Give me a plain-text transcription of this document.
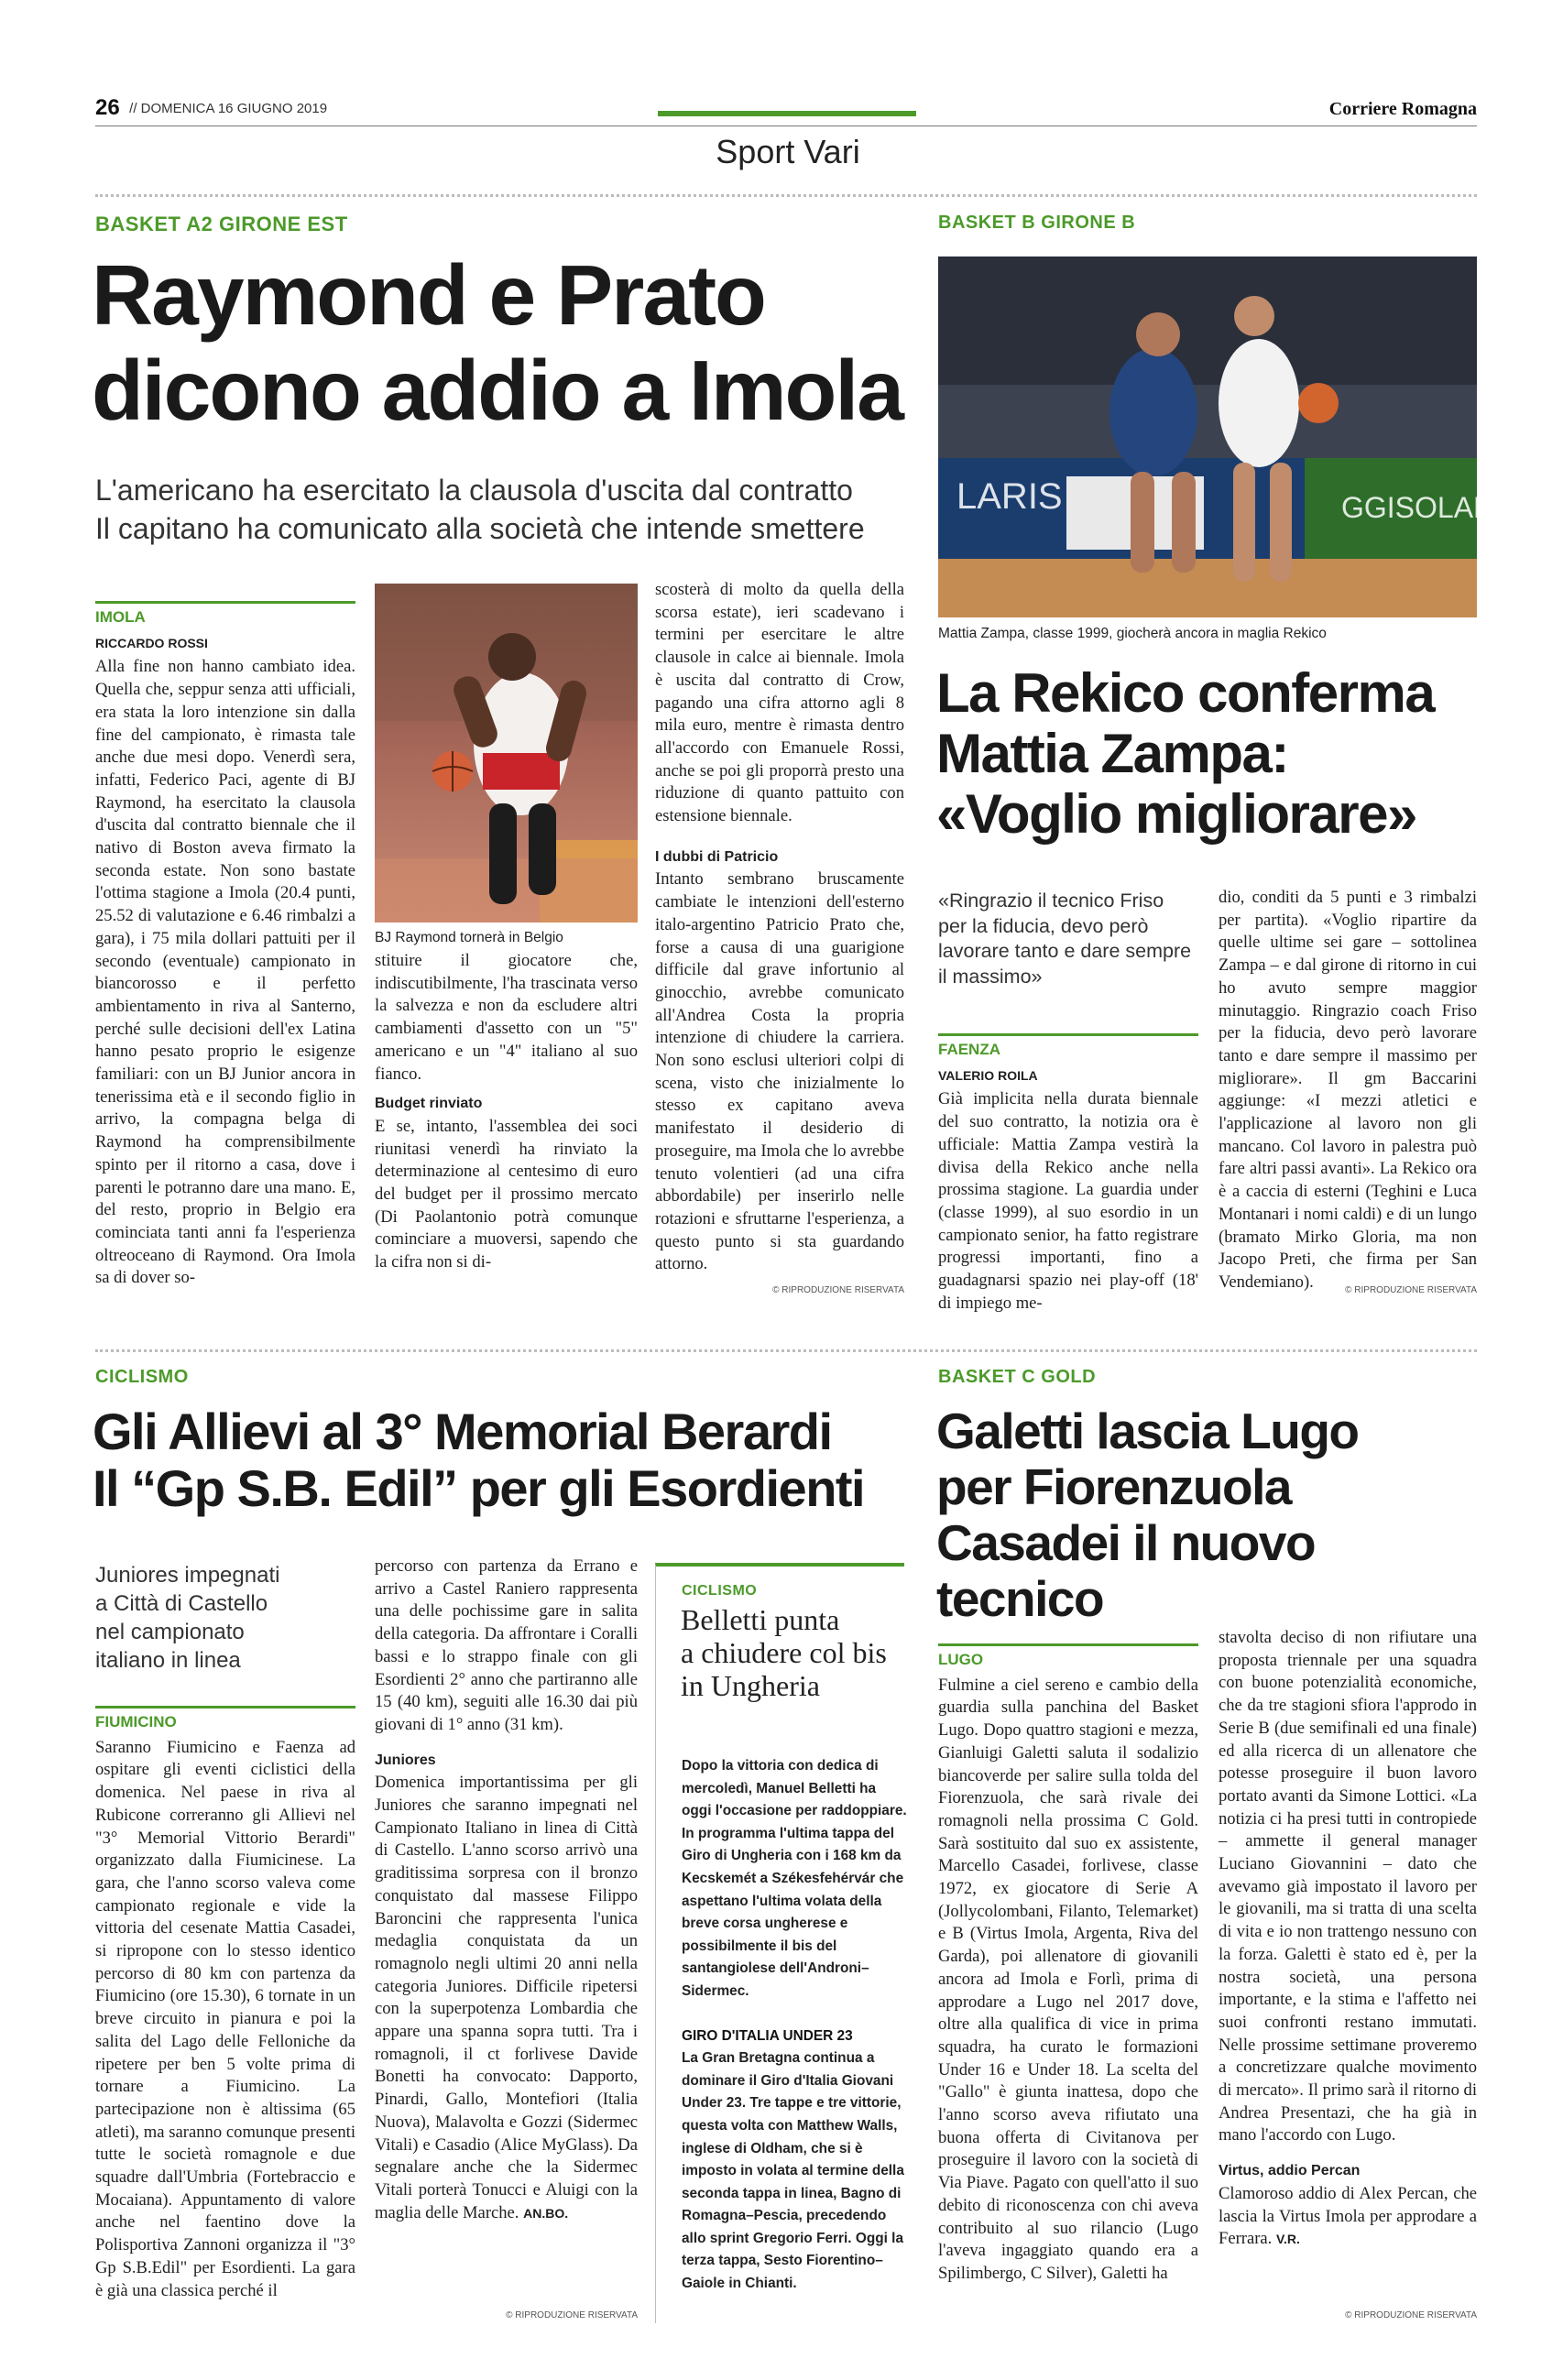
26 // DOMENICA 16 GIUGNO 2019	Corriere Romagna
Sport Vari
BASKET A2 GIRONE EST
Raymond e Prato
dicono addio a Imola
L'americano ha esercitato la clausola d'uscita dal contratto
Il capitano ha comunicato alla società che intende smettere
IMOLA
RICCARDO ROSSI

Alla fine non hanno cambiato idea. Quella che, seppur senza atti ufficiali, era stata la loro intenzione sin dalla fine del campionato, è rimasta tale anche due mesi dopo. Venerdì sera, infatti, Federico Paci, agente di BJ Raymond, ha esercitato la clausola d'uscita dal contratto biennale che il nativo di Boston aveva firmato la seconda estate. Non sono bastate l'ottima stagione a Imola (20.4 punti, 25.52 di valutazione e 6.46 rimbalzi a gara), i 75 mila dollari pattuiti per il secondo (eventuale) campionato in biancorosso e il perfetto ambientamento in riva al Santerno, perché sulle decisioni dell'ex Latina hanno pesato proprio le esigenze familiari: con un BJ Junior ancora in tenerissima età e il secondo figlio in arrivo, la compagna belga di Raymond ha comprensibilmente spinto per il ritorno a casa, dove i parenti le potranno dare una mano. E, del resto, proprio in Belgio era cominciata tanti anni fa l'esperienza oltreoceano di Raymond. Ora Imola sa di dover so-

BJ Raymond tornerà in Belgio

stituire il giocatore che, indiscutibilmente, l'ha trascinata verso la salvezza e non da escludere altri cambiamenti d'assetto con un "5" americano e un "4" italiano al suo fianco.

Budget rinviato

E se, intanto, l'assemblea dei soci riunitasi venerdì ha rinviato la determinazione al centesimo di euro del budget per il prossimo mercato (Di Paolantonio potrà comunque cominciare a muoversi, sapendo che la cifra non si di-

scosterà di molto da quella della scorsa estate), ieri scadevano i termini per esercitare le altre clausole in calce ai biennale. Imola è uscita dal contratto di Crow, pagando una cifra attorno agli 8 mila euro, mentre è rimasta dentro all'accordo con Emanuele Rossi, anche se poi gli proporrà presto una riduzione di quanto pattuito con estensione biennale.

I dubbi di Patricio

Intanto sembrano bruscamente cambiate le intenzioni dell'esterno italo-argentino Patricio Prato che, forse a causa di una guarigione difficile dal grave infortunio al ginocchio, avrebbe comunicato all'Andrea Costa la propria intenzione di chiudere la carriera. Non sono esclusi ulteriori colpi di scena, visto che inizialmente lo stesso ex capitano aveva manifestato il desiderio di proseguire, ma Imola che lo avrebbe tenuto volentieri (ad una cifra abbordabile) per inserirlo nelle rotazioni e sfruttarne l'esperienza, a questo punto si sta guardando attorno.

© RIPRODUZIONE RISERVATA
BASKET B GIRONE B
LARIS	GGISOLAR
Mattia Zampa, classe 1999, giocherà ancora in maglia Rekico
La Rekico conferma
Mattia Zampa:
«Voglio migliorare»
«Ringrazio il tecnico Friso per la fiducia, devo però lavorare tanto e dare sempre il massimo»
FAENZA
VALERIO ROILA

Già implicita nella durata biennale del suo contratto, la notizia ora è ufficiale: Mattia Zampa vestirà la divisa della Rekico anche nella prossima stagione. La guardia under (classe 1999), al suo esordio in un campionato senior, ha fatto registrare progressi importanti, fino a guadagnarsi spazio nei play-off (18' di impiego me-

dio, conditi da 5 punti e 3 rimbalzi per partita). «Voglio ripartire da quelle ultime sei gare – sottolinea Zampa – e dal girone di ritorno in cui ho avuto sempre maggior minutaggio. Ringrazio coach Friso per la fiducia, devo però lavorare tanto e dare sempre il massimo per migliorare». Il gm Baccarini aggiunge: «I mezzi atletici e l'applicazione al lavoro non gli mancano. Col lavoro in palestra può fare altri passi avanti». La Rekico ora è a caccia di esterni (Teghini e Luca Montanari i nomi caldi) e di un lungo (bramato Mirko Gloria, ma non Jacopo Preti, che firma per San Vendemiano).	© RIPRODUZIONE RISERVATA
CICLISMO
Gli Allievi al 3° Memorial Berardi
Il “Gp S.B. Edil” per gli Esordienti
Juniores impegnati
a Città di Castello
nel campionato
italiano in linea
FIUMICINO

Saranno Fiumicino e Faenza ad ospitare gli eventi ciclistici della domenica. Nel paese in riva al Rubicone correranno gli Allievi nel "3° Memorial Vittorio Berardi" organizzato dalla Fiumicinese. La gara, che l'anno scorso valeva come campionato regionale e vide la vittoria del cesenate Mattia Casadei, si ripropone con lo stesso identico percorso di 80 km con partenza da Fiumicino (ore 15.30), 6 tornate in un breve circuito in pianura e poi la salita del Lago delle Felloniche da ripetere per ben 5 volte prima di tornare a Fiumicino. La partecipazione non è altissima (65 atleti), ma saranno comunque presenti tutte le società romagnole e due squadre dall'Umbria (Fortebraccio e Mocaiana). Appuntamento di valore anche nel faentino dove la Polisportiva Zannoni organizza il "3° Gp S.B.Edil" per Esordienti. La gara è già una classica perché il

percorso con partenza da Errano e arrivo a Castel Raniero rappresenta una delle pochissime gare in salita della categoria. Da affrontare i Coralli bassi e lo strappo finale con gli Esordienti 2° anno che partiranno alle 15 (40 km), seguiti alle 16.30 dai più giovani di 1° anno (31 km).

Juniores

Domenica importantissima per gli Juniores che saranno impegnati nel Campionato Italiano in linea di Città di Castello. L'anno scorso arrivò una graditissima sorpresa con il bronzo conquistato dal massese Filippo Baroncini che rappresenta l'unica medaglia conquistata da un romagnolo negli ultimi 20 anni nella categoria Juniores. Difficile ripetersi con la superpotenza Lombardia che appare una spanna sopra tutti. Tra i romagnoli, il ct forlivese Davide Bonetti ha convocato: Dapporto, Pinardi, Gallo, Montefiori (Italia Nuova), Malavolta e Gozzi (Sidermec Vitali) e Casadio (Alice MyGlass). Da segnalare anche che la Sidermec Vitali porterà Tonucci e Aluigi con la maglia delle Marche. AN.BO.

© RIPRODUZIONE RISERVATA
CICLISMO
Belletti punta
a chiudere col bis
in Ungheria

Dopo la vittoria con dedica di mercoledì, Manuel Belletti ha oggi l'occasione per raddoppiare. In programma l'ultima tappa del Giro di Ungheria con i 168 km da Kecskemét a Székesfehérvár che aspettano l'ultima volata della breve corsa ungherese e possibilmente il bis del santangiolese dell'Androni–Sidermec.

GIRO D'ITALIA UNDER 23

La Gran Bretagna continua a dominare il Giro d'Italia Giovani Under 23. Tre tappe e tre vittorie, questa volta con Matthew Walls, inglese di Oldham, che si è imposto in volata al termine della seconda tappa in linea, Bagno di Romagna–Pescia, precedendo allo sprint Gregorio Ferri. Oggi la terza tappa, Sesto Fiorentino–Gaiole in Chianti.

BASKET C GOLD
Galetti lascia Lugo
per Fiorenzuola
Casadei il nuovo tecnico
LUGO

Fulmine a ciel sereno e cambio della guardia sulla panchina del Basket Lugo. Dopo quattro stagioni e mezza, Gianluigi Galetti saluta il sodalizio biancoverde per salire sulla tolda del Fiorenzuola, che sarà rivale dei romagnoli nella prossima C Gold. Sarà sostituito dal suo ex assistente, Marcello Casadei, forlivese, classe 1972, ex giocatore di Serie A (Jollycolombani, Filanto, Telemarket) e B (Virtus Imola, Argenta, Riva del Garda), poi allenatore di giovanili ancora ad Imola e Forlì, prima di approdare a Lugo nel 2017 dove, oltre alla qualifica di vice in prima squadra, ha curato le formazioni Under 16 e Under 18. La scelta del "Gallo" è giunta inattesa, dopo che l'anno scorso aveva rifiutato una buona offerta di Civitanova per proseguire il lavoro con la società di Via Piave. Pagato con quell'atto il suo debito di riconoscenza con chi aveva contribuito al suo rilancio (Lugo l'aveva ingaggiato quando era a Spilimbergo, C Silver), Galetti ha

stavolta deciso di non rifiutare una proposta triennale per una squadra con buone potenzialità economiche, che da tre stagioni sfiora l'approdo in Serie B (due semifinali ed una finale) ed alla ricerca di un allenatore che potesse proseguire il buon lavoro portato avanti da Simone Lottici. «La notizia ci ha presi tutti in contropiede – ammette il general manager Luciano Giovannini – dato che avevamo già impostato il lavoro per le giovanili, ma si tratta di una scelta di vita e io non trattengo nessuno con la forza. Galetti è stato ed è, per la nostra società, una persona importante, e la stima e l'affetto nei suoi confronti restano immutati. Nelle prossime settimane proveremo a concretizzare qualche movimento di mercato». Il primo sarà il ritorno di Andrea Presentazi, che ha già in mano l'accordo con Lugo.

Virtus, addio Percan

Clamoroso addio di Alex Percan, che lascia la Virtus Imola per approdare a Ferrara. V.R.

© RIPRODUZIONE RISERVATA
